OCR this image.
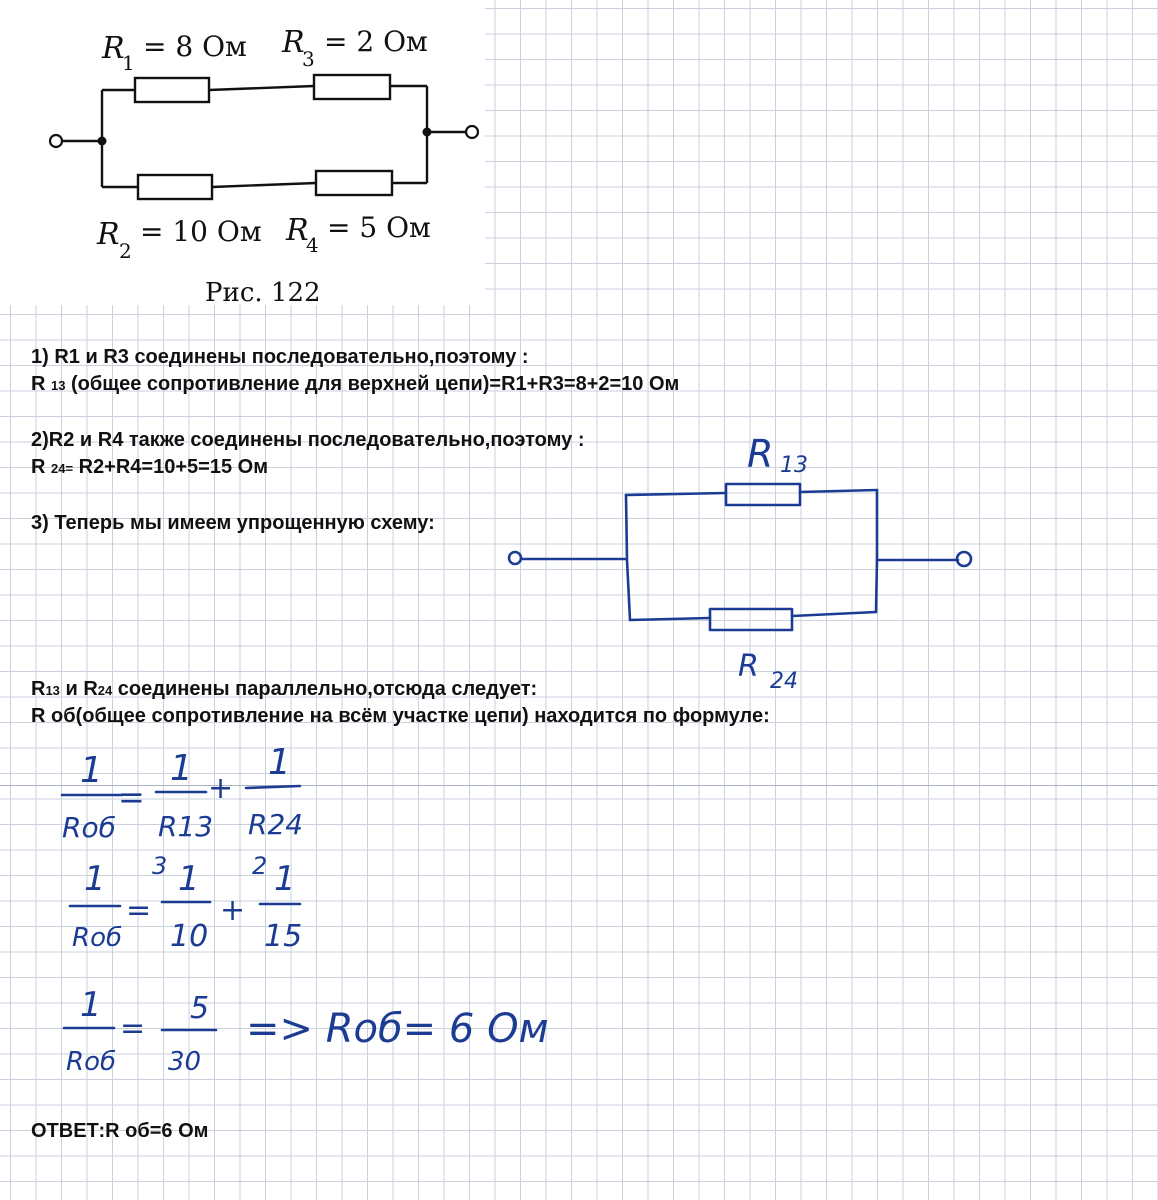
R
1 = 8 Ом R
3
= 2 Ом
R 2
= 10 Ом R
4
= 5 Ом
Рис. 122

1) R1 и R3 соединены последовательно,поэтому :

R 13 (общее сопротивление для верхней цепи)=R1+R3=8+2=10 Ом

2)R2 и R4 также соединены последовательно,поэтому :

R 24= R2+R4=10+5=15 Ом

3) Теперь мы имеем упрощенную схему:

R13 и R24 соединены параллельно,отсюда следует:

R об(общее сопротивление на всём участке цепи) находится по формуле:

ОТВЕТ:R об=6 Ом

R 13
R 24
1
Rоб
=
1
R13
+
1
R24
1
Rоб
=
3 1
10
+
2 1
15
1
Rоб
=
5
30
=> Rоб= 6 Ом
